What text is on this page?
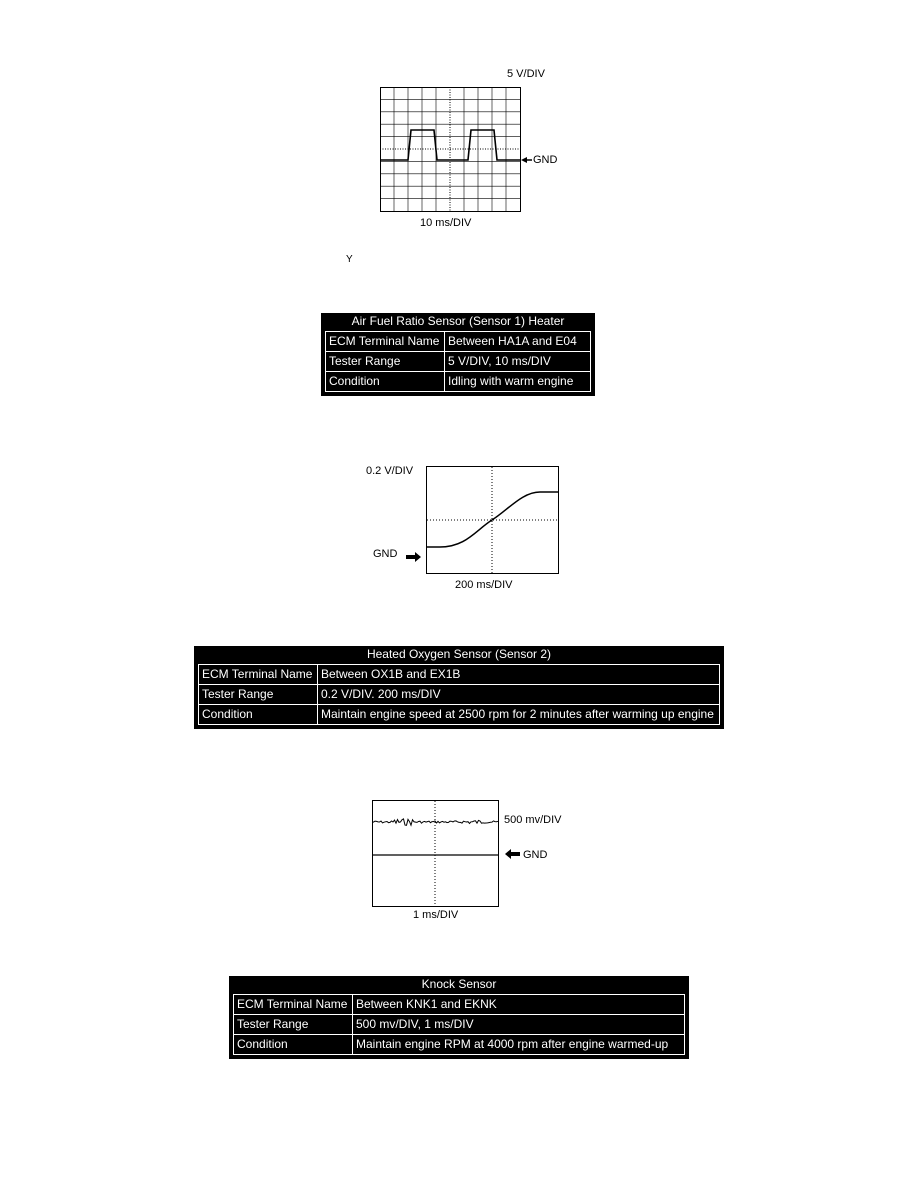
5 V/DIV
GND
10 ms/DIV
Y
Air Fuel Ratio Sensor (Sensor 1) Heater
ECM Terminal Name	Between HA1A and E04
Tester Range	5 V/DIV, 10 ms/DIV
Condition	Idling with warm engine
0.2 V/DIV
GND
200 ms/DIV
Heated Oxygen Sensor (Sensor 2)
ECM Terminal Name	Between OX1B and EX1B
Tester Range	0.2 V/DIV. 200 ms/DIV
Condition	Maintain engine speed at 2500 rpm for 2 minutes after warming up engine
500 mv/DIV
GND
1 ms/DIV
Knock Sensor
ECM Terminal Name	Between KNK1 and EKNK
Tester Range	500 mv/DIV, 1 ms/DIV
Condition	Maintain engine RPM at 4000 rpm after engine warmed-up
